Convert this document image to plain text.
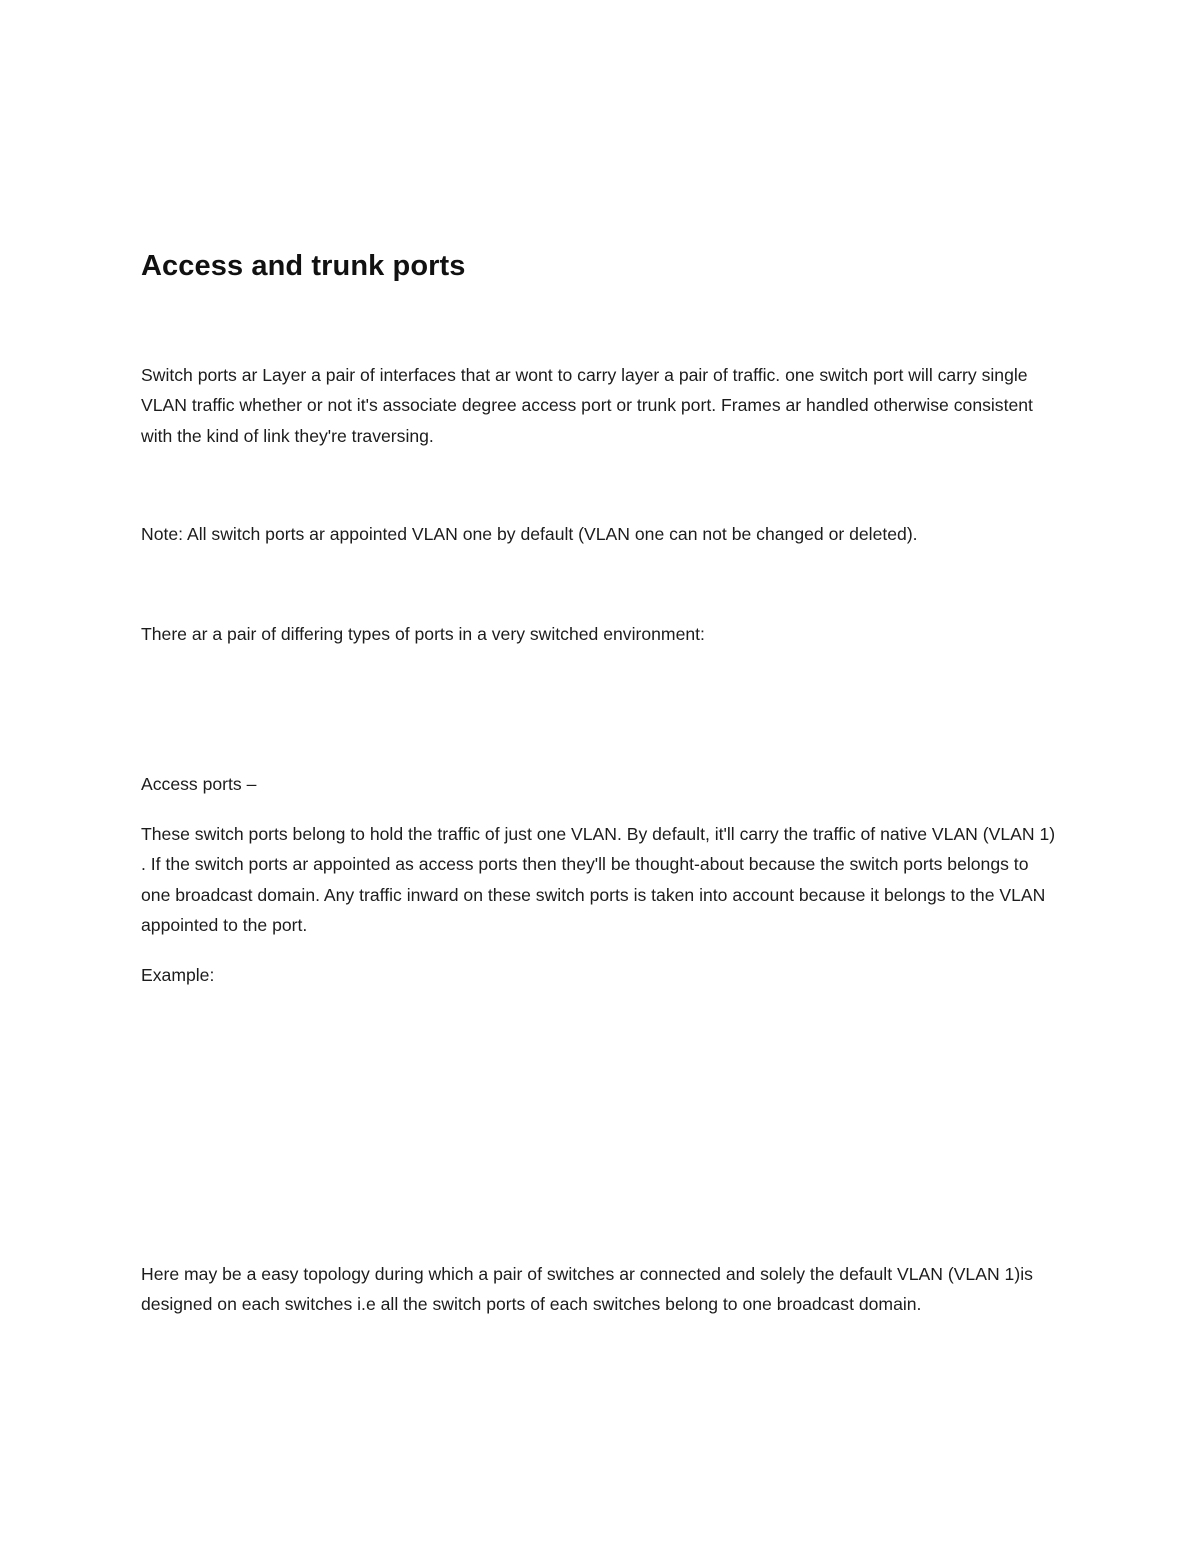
Access and trunk ports

Switch ports ar Layer a pair of interfaces that ar wont to carry layer a pair of traffic. one switch port will carry single VLAN traffic whether or not it's associate degree access port or trunk port. Frames ar handled otherwise consistent with the kind of link they're traversing.

Note: All switch ports ar appointed VLAN one by default (VLAN one can not be changed or deleted).

There ar a pair of differing types of ports in a very switched environment:

Access ports –

These switch ports belong to hold the traffic of just one VLAN. By default, it'll carry the traffic of native VLAN (VLAN 1) . If the switch ports ar appointed as access ports then they'll be thought-about because the switch ports belongs to one broadcast domain. Any traffic inward on these switch ports is taken into account because it belongs to the VLAN appointed to the port.

Example:

Here may be a easy topology during which a pair of switches ar connected and solely the default VLAN (VLAN 1)is designed on each switches i.e all the switch ports of each switches belong to one broadcast domain.
